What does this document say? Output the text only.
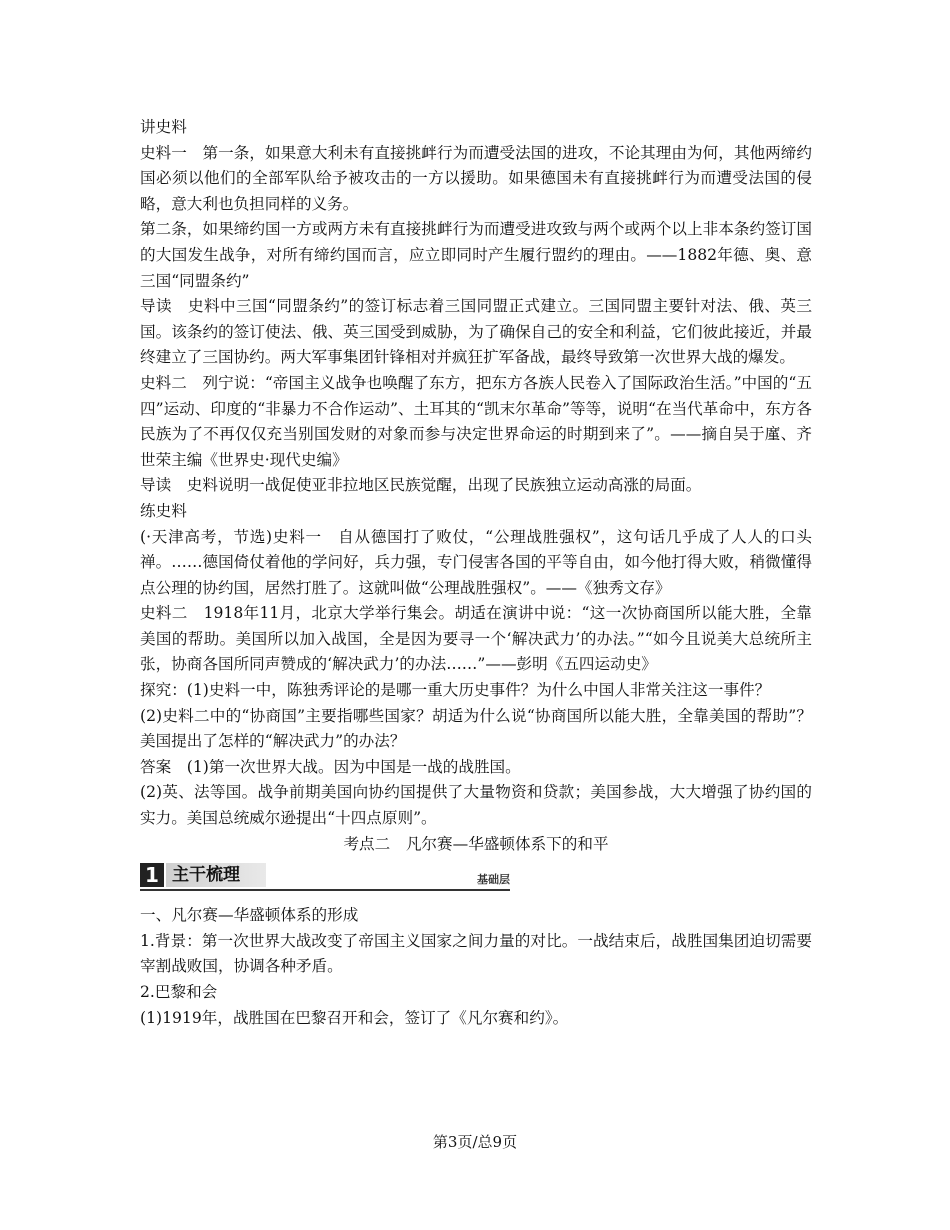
讲史料

史料一　第一条，如果意大利未有直接挑衅行为而遭受法国的进攻，不论其理由为何，其他两缔约国必须以他们的全部军队给予被攻击的一方以援助。如果德国未有直接挑衅行为而遭受法国的侵略，意大利也负担同样的义务。

第二条，如果缔约国一方或两方未有直接挑衅行为而遭受进攻致与两个或两个以上非本条约签订国的大国发生战争，对所有缔约国而言，应立即同时产生履行盟约的理由。——1882年德、奥、意三国“同盟条约”

导读　史料中三国“同盟条约”的签订标志着三国同盟正式建立。三国同盟主要针对法、俄、英三国。该条约的签订使法、俄、英三国受到威胁，为了确保自己的安全和利益，它们彼此接近，并最终建立了三国协约。两大军事集团针锋相对并疯狂扩军备战，最终导致第一次世界大战的爆发。

史料二　列宁说：“帝国主义战争也唤醒了东方，把东方各族人民卷入了国际政治生活。”中国的“五四”运动、印度的“非暴力不合作运动”、土耳其的“凯末尔革命”等等，说明“在当代革命中，东方各民族为了不再仅仅充当别国发财的对象而参与决定世界命运的时期到来了”。——摘自吴于廑、齐世荣主编《世界史·现代史编》

导读　史料说明一战促使亚非拉地区民族觉醒，出现了民族独立运动高涨的局面。

练史料

(·天津高考，节选)史料一　自从德国打了败仗，“公理战胜强权”，这句话几乎成了人人的口头禅。……德国倚仗着他的学问好，兵力强，专门侵害各国的平等自由，如今他打得大败，稍微懂得点公理的协约国，居然打胜了。这就叫做“公理战胜强权”。——《独秀文存》

史料二　1918年11月，北京大学举行集会。胡适在演讲中说：“这一次协商国所以能大胜，全靠美国的帮助。美国所以加入战国，全是因为要寻一个‘解决武力’的办法。”“如今且说美大总统所主张，协商各国所同声赞成的‘解决武力’的办法……”——彭明《五四运动史》

探究：(1)史料一中，陈独秀评论的是哪一重大历史事件？为什么中国人非常关注这一事件？

(2)史料二中的“协商国”主要指哪些国家？胡适为什么说“协商国所以能大胜，全靠美国的帮助”？美国提出了怎样的“解决武力”的办法？

答案　(1)第一次世界大战。因为中国是一战的战胜国。

(2)英、法等国。战争前期美国向协约国提供了大量物资和贷款；美国参战，大大增强了协约国的实力。美国总统威尔逊提出“十四点原则”。

考点二　凡尔赛—华盛顿体系下的和平

1 主干梳理	基础层

一、凡尔赛—华盛顿体系的形成

1.背景：第一次世界大战改变了帝国主义国家之间力量的对比。一战结束后，战胜国集团迫切需要宰割战败国，协调各种矛盾。

2.巴黎和会

(1)1919年，战胜国在巴黎召开和会，签订了《凡尔赛和约》。

第3页/总9页
